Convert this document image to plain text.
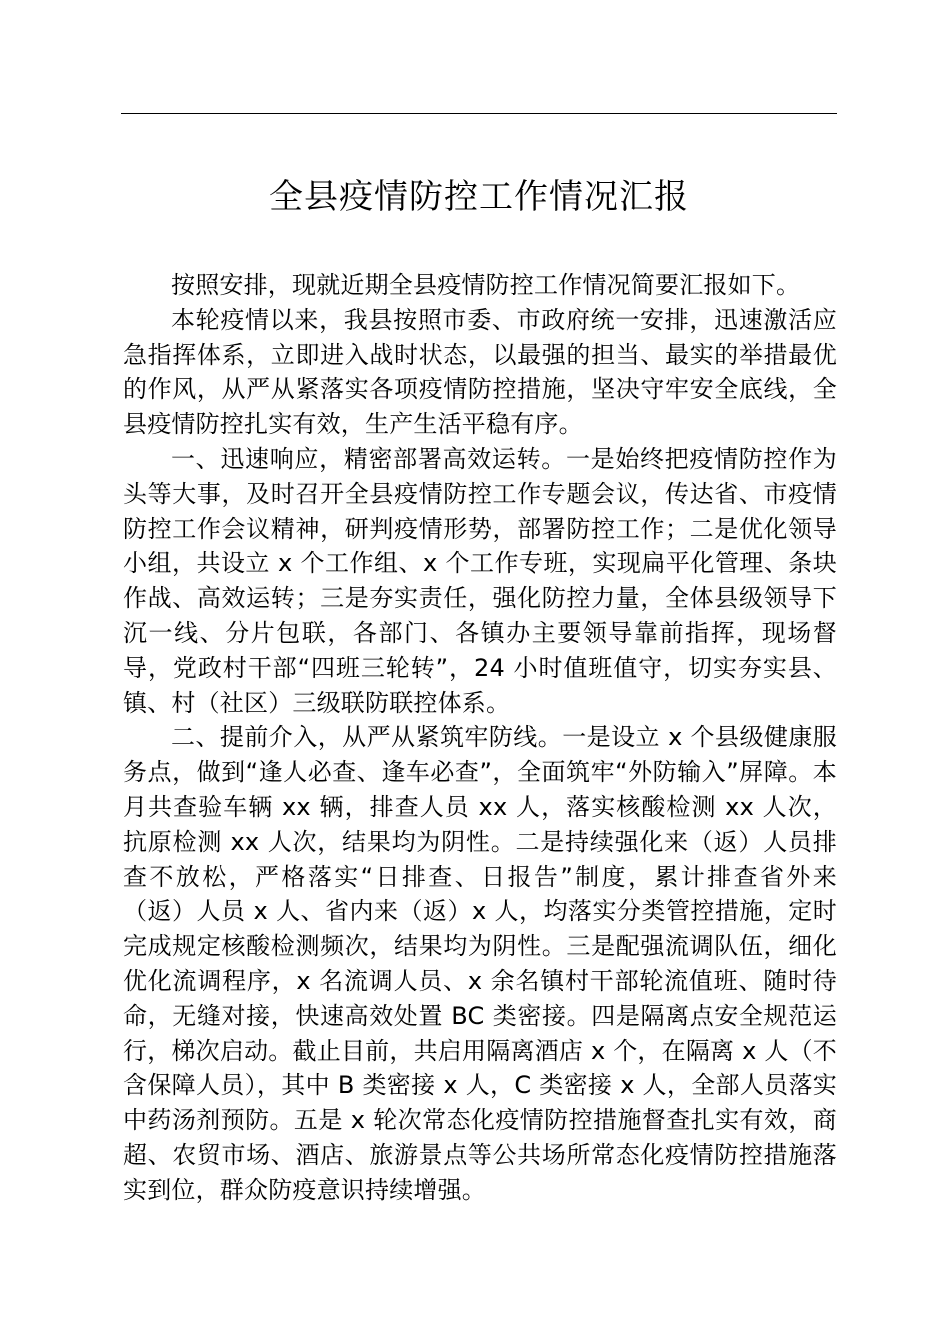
全县疫情防控工作情况汇报

按照安排，现就近期全县疫情防控工作情况简要汇报如下。

本轮疫情以来，我县按照市委、市政府统一安排，迅速激活应急指挥体系，立即进入战时状态，以最强的担当、最实的举措最优的作风，从严从紧落实各项疫情防控措施，坚决守牢安全底线，全县疫情防控扎实有效，生产生活平稳有序。

一、迅速响应，精密部署高效运转。一是始终把疫情防控作为头等大事，及时召开全县疫情防控工作专题会议，传达省、市疫情防控工作会议精神，研判疫情形势，部署防控工作；二是优化领导小组，共设立 x 个工作组、x 个工作专班，实现扁平化管理、条块作战、高效运转；三是夯实责任，强化防控力量，全体县级领导下沉一线、分片包联，各部门、各镇办主要领导靠前指挥，现场督导，党政村干部“四班三轮转”，24 小时值班值守，切实夯实县、镇、村（社区）三级联防联控体系。

二、提前介入，从严从紧筑牢防线。一是设立 x 个县级健康服务点，做到“逢人必查、逢车必查”，全面筑牢“外防输入”屏障。本月共查验车辆 xx 辆，排查人员 xx 人，落实核酸检测 xx 人次，抗原检测 xx 人次，结果均为阴性。二是持续强化来（返）人员排查不放松，严格落实“日排查、日报告”制度，累计排查省外来（返）人员 x 人、省内来（返）x 人，均落实分类管控措施，定时完成规定核酸检测频次，结果均为阴性。三是配强流调队伍，细化优化流调程序，x 名流调人员、x 余名镇村干部轮流值班、随时待命，无缝对接，快速高效处置 BC 类密接。四是隔离点安全规范运行，梯次启动。截止目前，共启用隔离酒店 x 个，在隔离 x 人（不含保障人员），其中 B 类密接 x 人，C 类密接 x 人，全部人员落实中药汤剂预防。五是 x 轮次常态化疫情防控措施督查扎实有效，商超、农贸市场、酒店、旅游景点等公共场所常态化疫情防控措施落实到位，群众防疫意识持续增强。
